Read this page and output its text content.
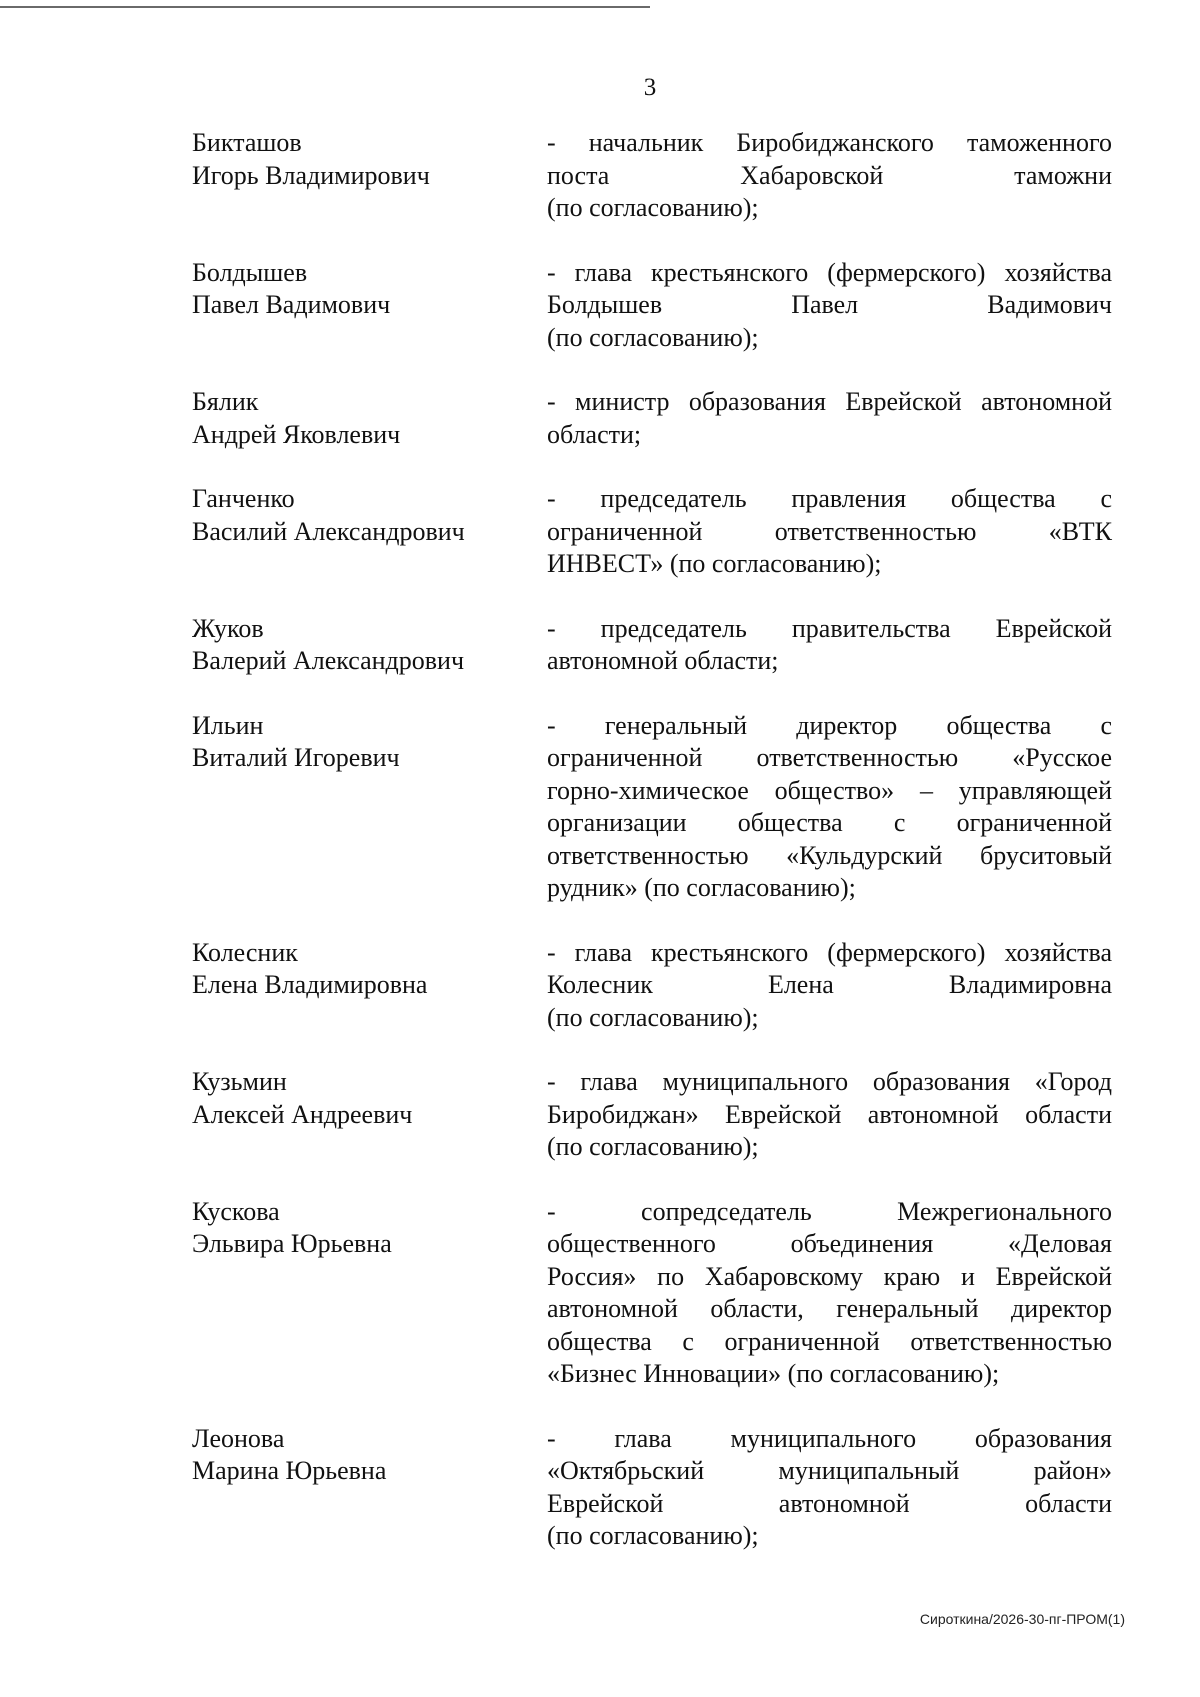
3
Бикташов
Игорь Владимирович
- начальник Биробиджанского таможенного
поста Хабаровской таможни
(по согласованию);
Болдышев
Павел Вадимович
- глава крестьянского (фермерского) хозяйства
Болдышев Павел Вадимович
(по согласованию);
Бялик
Андрей Яковлевич
- министр образования Еврейской автономной
области;
Ганченко
Василий Александрович
- председатель правления общества с
ограниченной ответственностью «ВТК
ИНВЕСТ» (по согласованию);
Жуков
Валерий Александрович
- председатель правительства Еврейской
автономной области;
Ильин
Виталий Игоревич
- генеральный директор общества с
ограниченной ответственностью «Русское
горно-химическое общество» – управляющей
организации общества с ограниченной
ответственностью «Кульдурский бруситовый
рудник» (по согласованию);
Колесник
Елена Владимировна
- глава крестьянского (фермерского) хозяйства
Колесник Елена Владимировна
(по согласованию);
Кузьмин
Алексей Андреевич
- глава муниципального образования «Город
Биробиджан» Еврейской автономной области
(по согласованию);
Кускова
Эльвира Юрьевна
- сопредседатель Межрегионального
общественного объединения «Деловая
Россия» по Хабаровскому краю и Еврейской
автономной области, генеральный директор
общества с ограниченной ответственностью
«Бизнес Инновации» (по согласованию);
Леонова
Марина Юрьевна
- глава муниципального образования
«Октябрьский муниципальный район»
Еврейской автономной области
(по согласованию);
Сироткина/2026-30-пг-ПРОМ(1)
